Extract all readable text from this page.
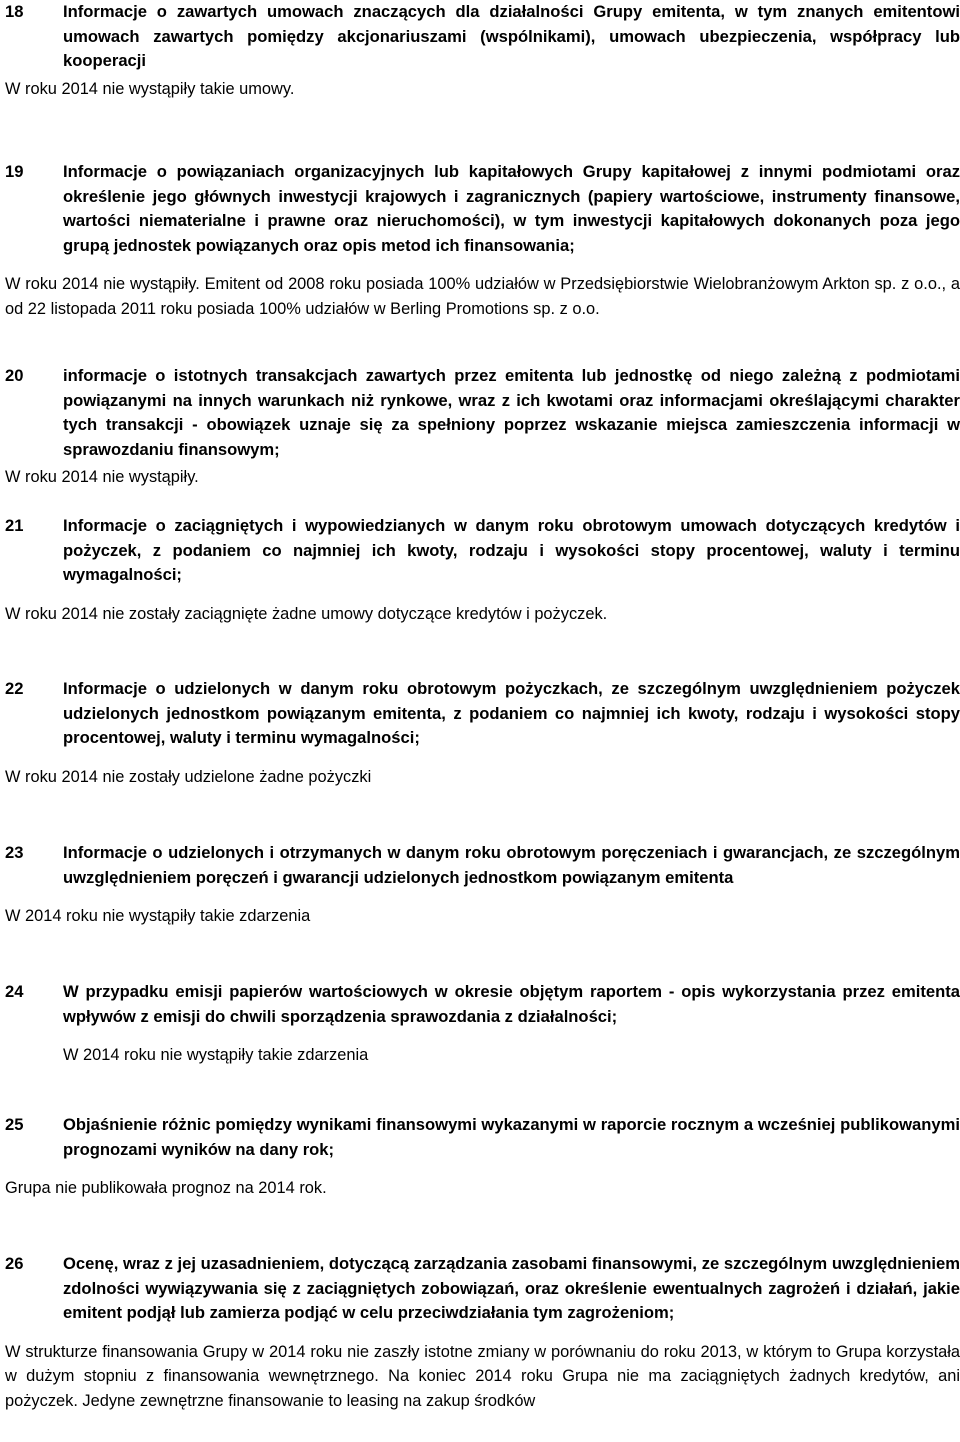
18	Informacje o zawartych umowach znaczących dla działalności Grupy emitenta, w tym znanych emitentowi umowach zawartych pomiędzy akcjonariuszami (wspólnikami), umowach ubezpieczenia, współpracy lub kooperacji
W roku 2014 nie wystąpiły takie umowy.
19	Informacje o powiązaniach organizacyjnych lub kapitałowych Grupy kapitałowej z innymi podmiotami oraz określenie jego głównych inwestycji krajowych i zagranicznych (papiery wartościowe, instrumenty finansowe, wartości niematerialne i prawne oraz nieruchomości), w tym inwestycji kapitałowych dokonanych poza jego grupą jednostek powiązanych oraz opis metod ich finansowania;
W roku 2014 nie wystąpiły. Emitent od 2008 roku posiada 100% udziałów w Przedsiębiorstwie Wielobranżowym Arkton sp. z o.o., a od 22 listopada 2011 roku posiada 100% udziałów w Berling Promotions sp. z o.o.
20	informacje o istotnych transakcjach zawartych przez emitenta lub jednostkę od niego zależną z podmiotami powiązanymi na innych warunkach niż rynkowe, wraz z ich kwotami oraz informacjami określającymi charakter tych transakcji - obowiązek uznaje się za spełniony poprzez wskazanie miejsca zamieszczenia informacji w sprawozdaniu finansowym;
W roku 2014 nie wystąpiły.
21	Informacje o zaciągniętych i wypowiedzianych w danym roku obrotowym umowach dotyczących kredytów i pożyczek, z podaniem co najmniej ich kwoty, rodzaju i wysokości stopy procentowej, waluty i terminu wymagalności;
W roku 2014 nie zostały zaciągnięte żadne umowy dotyczące kredytów i pożyczek.
22	Informacje o udzielonych w danym roku obrotowym pożyczkach, ze szczególnym uwzględnieniem pożyczek udzielonych jednostkom powiązanym emitenta, z podaniem co najmniej ich kwoty, rodzaju i wysokości stopy procentowej, waluty i terminu wymagalności;
W roku 2014 nie zostały udzielone żadne pożyczki
23	Informacje o udzielonych i otrzymanych w danym roku obrotowym poręczeniach i gwarancjach, ze szczególnym uwzględnieniem poręczeń i gwarancji udzielonych jednostkom powiązanym emitenta
W 2014 roku nie wystąpiły takie zdarzenia
24	W przypadku emisji papierów wartościowych w okresie objętym raportem - opis wykorzystania przez emitenta wpływów z emisji do chwili sporządzenia sprawozdania z działalności;
W 2014 roku nie wystąpiły takie zdarzenia
25	Objaśnienie różnic pomiędzy wynikami finansowymi wykazanymi w raporcie rocznym a wcześniej publikowanymi prognozami wyników na dany rok;
Grupa nie publikowała prognoz na 2014 rok.
26	Ocenę, wraz z jej uzasadnieniem, dotyczącą zarządzania zasobami finansowymi, ze szczególnym uwzględnieniem zdolności wywiązywania się z zaciągniętych zobowiązań, oraz określenie ewentualnych zagrożeń i działań, jakie emitent podjął lub zamierza podjąć w celu przeciwdziałania tym zagrożeniom;
W strukturze finansowania Grupy w 2014 roku nie zaszły istotne zmiany w porównaniu do roku 2013, w którym to Grupa korzystała w dużym stopniu z finansowania wewnętrznego. Na koniec 2014 roku Grupa nie ma zaciągniętych żadnych kredytów, ani pożyczek. Jedyne zewnętrzne finansowanie to leasing na zakup środków
